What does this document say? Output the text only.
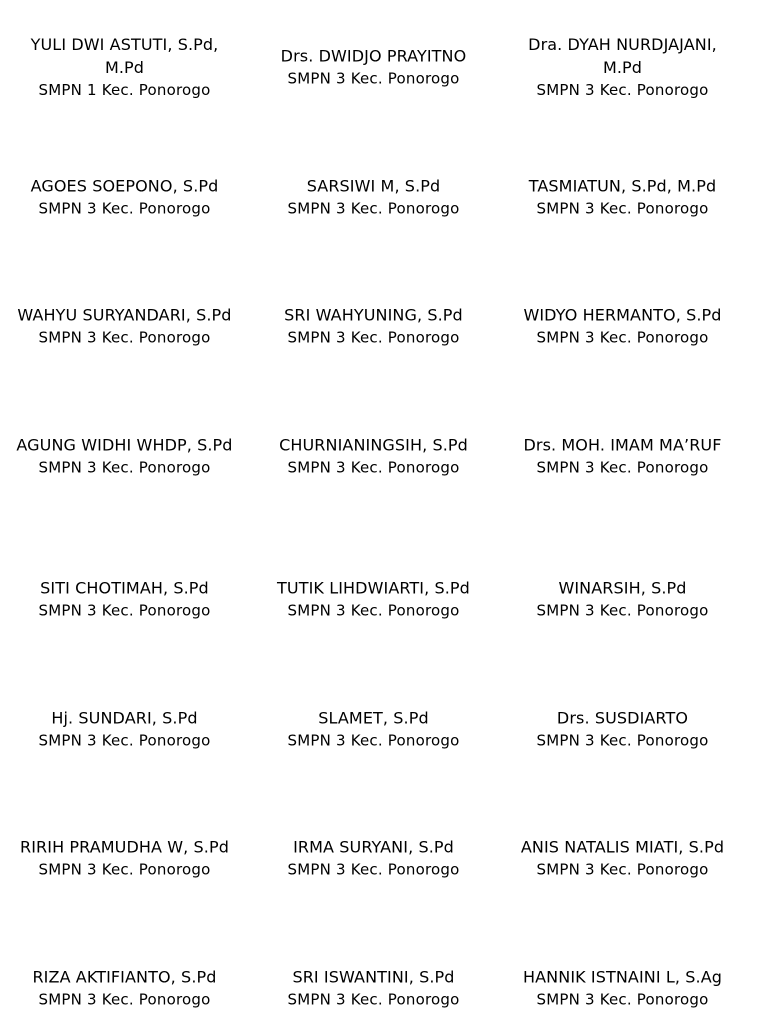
YULI DWI ASTUTI, S.Pd, M.Pd
SMPN 1 Kec. Ponorogo
Drs. DWIDJO PRAYITNO
SMPN 3 Kec. Ponorogo
Dra. DYAH NURDJAJANI, M.Pd
SMPN 3 Kec. Ponorogo
AGOES SOEPONO, S.Pd
SMPN 3 Kec. Ponorogo
SARSIWI M, S.Pd
SMPN 3 Kec. Ponorogo
TASMIATUN, S.Pd, M.Pd
SMPN 3 Kec. Ponorogo
WAHYU SURYANDARI, S.Pd
SMPN 3 Kec. Ponorogo
SRI WAHYUNING, S.Pd
SMPN 3 Kec. Ponorogo
WIDYO HERMANTO, S.Pd
SMPN 3 Kec. Ponorogo
AGUNG WIDHI WHDP, S.Pd
SMPN 3 Kec. Ponorogo
CHURNIANINGSIH, S.Pd
SMPN 3 Kec. Ponorogo
Drs. MOH. IMAM MA’RUF
SMPN 3 Kec. Ponorogo
SITI CHOTIMAH, S.Pd
SMPN 3 Kec. Ponorogo
TUTIK LIHDWIARTI, S.Pd
SMPN 3 Kec. Ponorogo
WINARSIH, S.Pd
SMPN 3 Kec. Ponorogo
Hj. SUNDARI, S.Pd
SMPN 3 Kec. Ponorogo
SLAMET, S.Pd
SMPN 3 Kec. Ponorogo
Drs. SUSDIARTO
SMPN 3 Kec. Ponorogo
RIRIH PRAMUDHA W, S.Pd
SMPN 3 Kec. Ponorogo
IRMA SURYANI, S.Pd
SMPN 3 Kec. Ponorogo
ANIS NATALIS MIATI, S.Pd
SMPN 3 Kec. Ponorogo
RIZA AKTIFIANTO, S.Pd
SMPN 3 Kec. Ponorogo
SRI ISWANTINI, S.Pd
SMPN 3 Kec. Ponorogo
HANNIK ISTNAINI L, S.Ag
SMPN 3 Kec. Ponorogo
